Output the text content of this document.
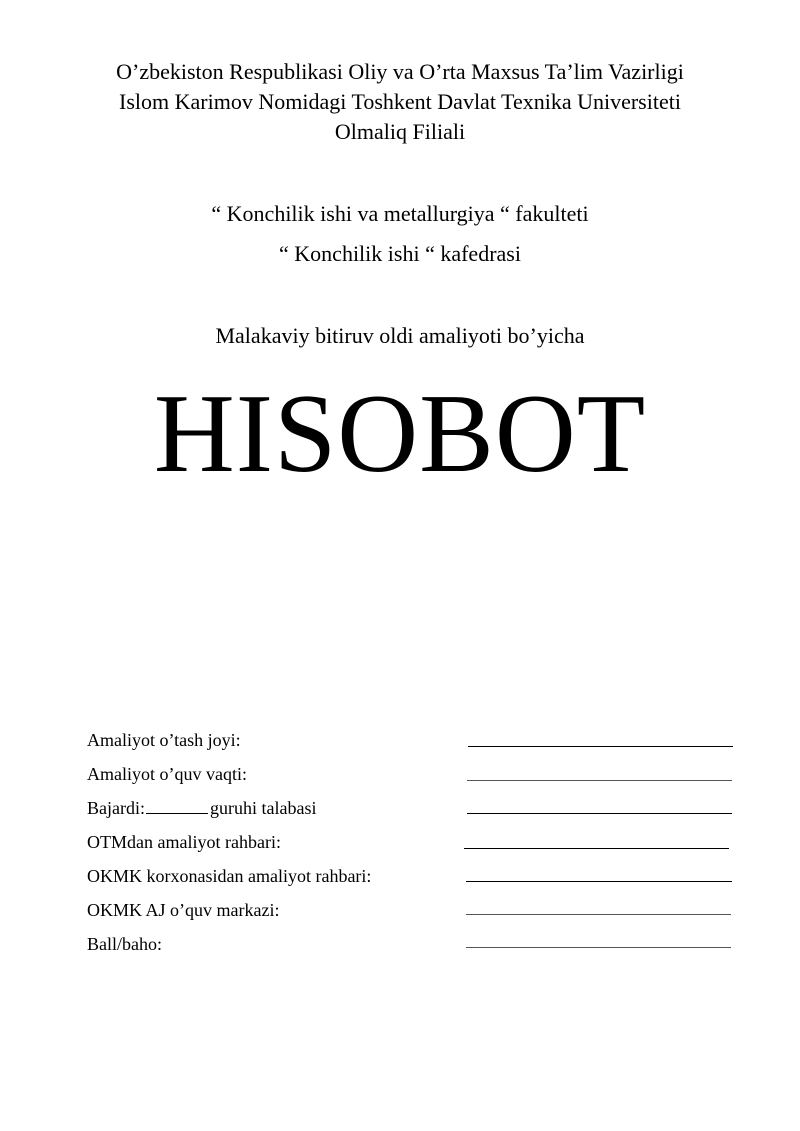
O’zbekiston Respublikasi Oliy va O’rta Maxsus Ta’lim Vazirligi
Islom Karimov Nomidagi Toshkent Davlat Texnika Universiteti
Olmaliq Filiali
“ Konchilik ishi va metallurgiya “ fakulteti
“ Konchilik ishi “ kafedrasi
Malakaviy bitiruv oldi amaliyoti bo’yicha
HISOBOT
Amaliyot o’tash joyi:
Amaliyot o’quv vaqti:
Bajardi:	guruhi talabasi
OTMdan amaliyot rahbari:
OKMK korxonasidan amaliyot rahbari:
OKMK AJ o’quv markazi:
Ball/baho:
